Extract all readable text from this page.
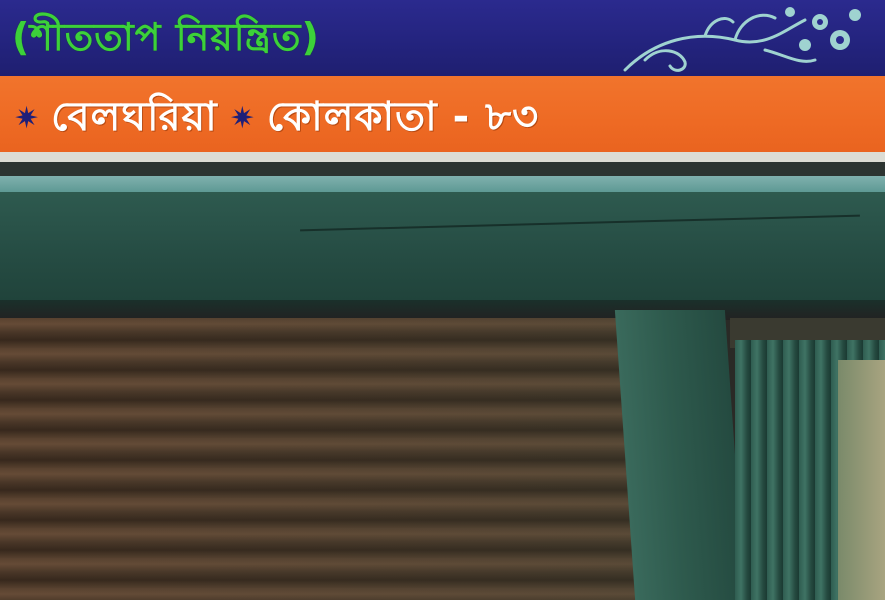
(শীততাপ নিয়ন্ত্রিত)
✷ বেলঘরিয়া ✷ কোলকাতা - ৮৩
